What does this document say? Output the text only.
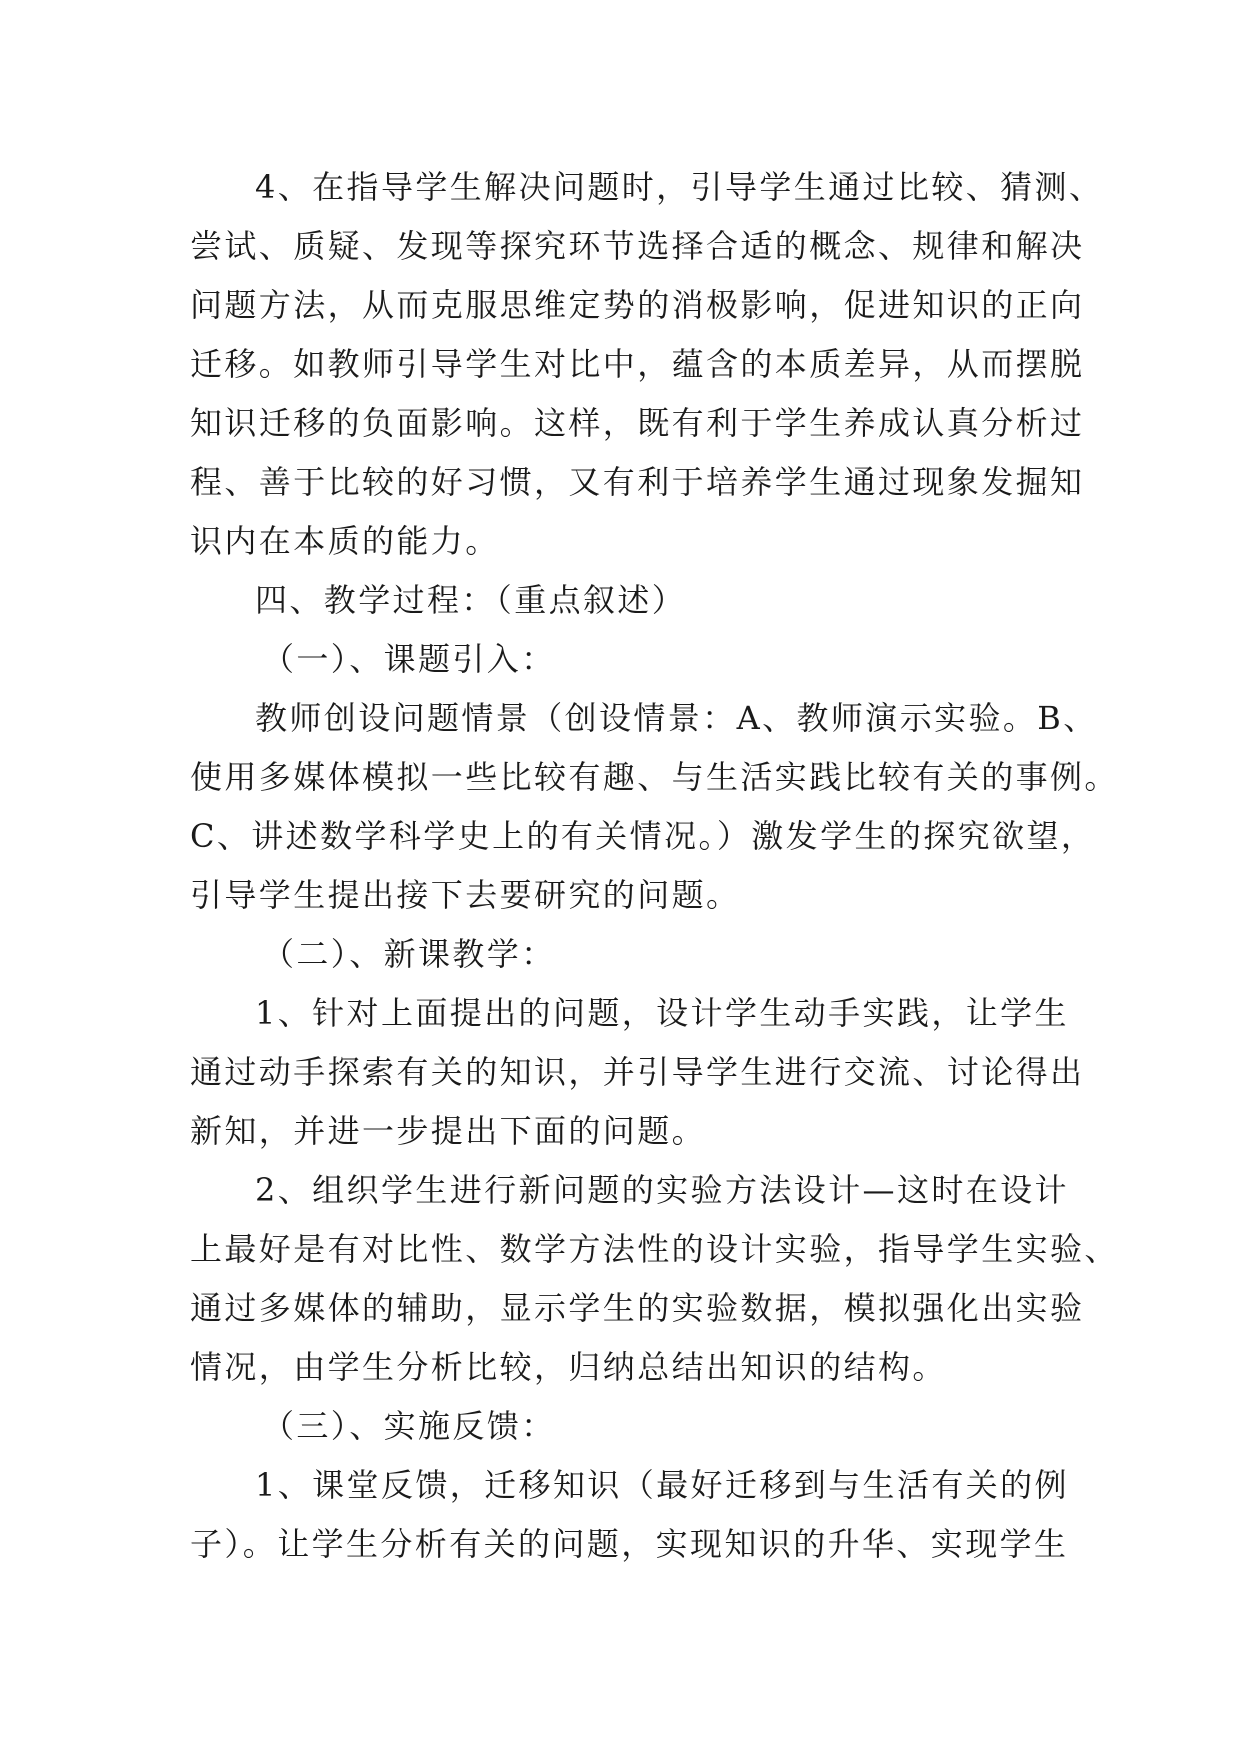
4、在指导学生解决问题时，引导学生通过比较、猜测、
尝试、质疑、发现等探究环节选择合适的概念、规律和解决
问题方法，从而克服思维定势的消极影响，促进知识的正向
迁移。如教师引导学生对比中，蕴含的本质差异，从而摆脱
知识迁移的负面影响。这样，既有利于学生养成认真分析过
程、善于比较的好习惯，又有利于培养学生通过现象发掘知
识内在本质的能力。
四、教学过程：（重点叙述）
（一）、课题引入：
教师创设问题情景（创设情景：A、教师演示实验。B、
使用多媒体模拟一些比较有趣、与生活实践比较有关的事例。
C、讲述数学科学史上的有关情况。）激发学生的探究欲望，
引导学生提出接下去要研究的问题。
（二）、新课教学：
1、针对上面提出的问题，设计学生动手实践，让学生
通过动手探索有关的知识，并引导学生进行交流、讨论得出
新知，并进一步提出下面的问题。
2、组织学生进行新问题的实验方法设计—这时在设计
上最好是有对比性、数学方法性的设计实验，指导学生实验、
通过多媒体的辅助，显示学生的实验数据，模拟强化出实验
情况，由学生分析比较，归纳总结出知识的结构。
（三）、实施反馈：
1、课堂反馈，迁移知识（最好迁移到与生活有关的例
子）。让学生分析有关的问题，实现知识的升华、实现学生
